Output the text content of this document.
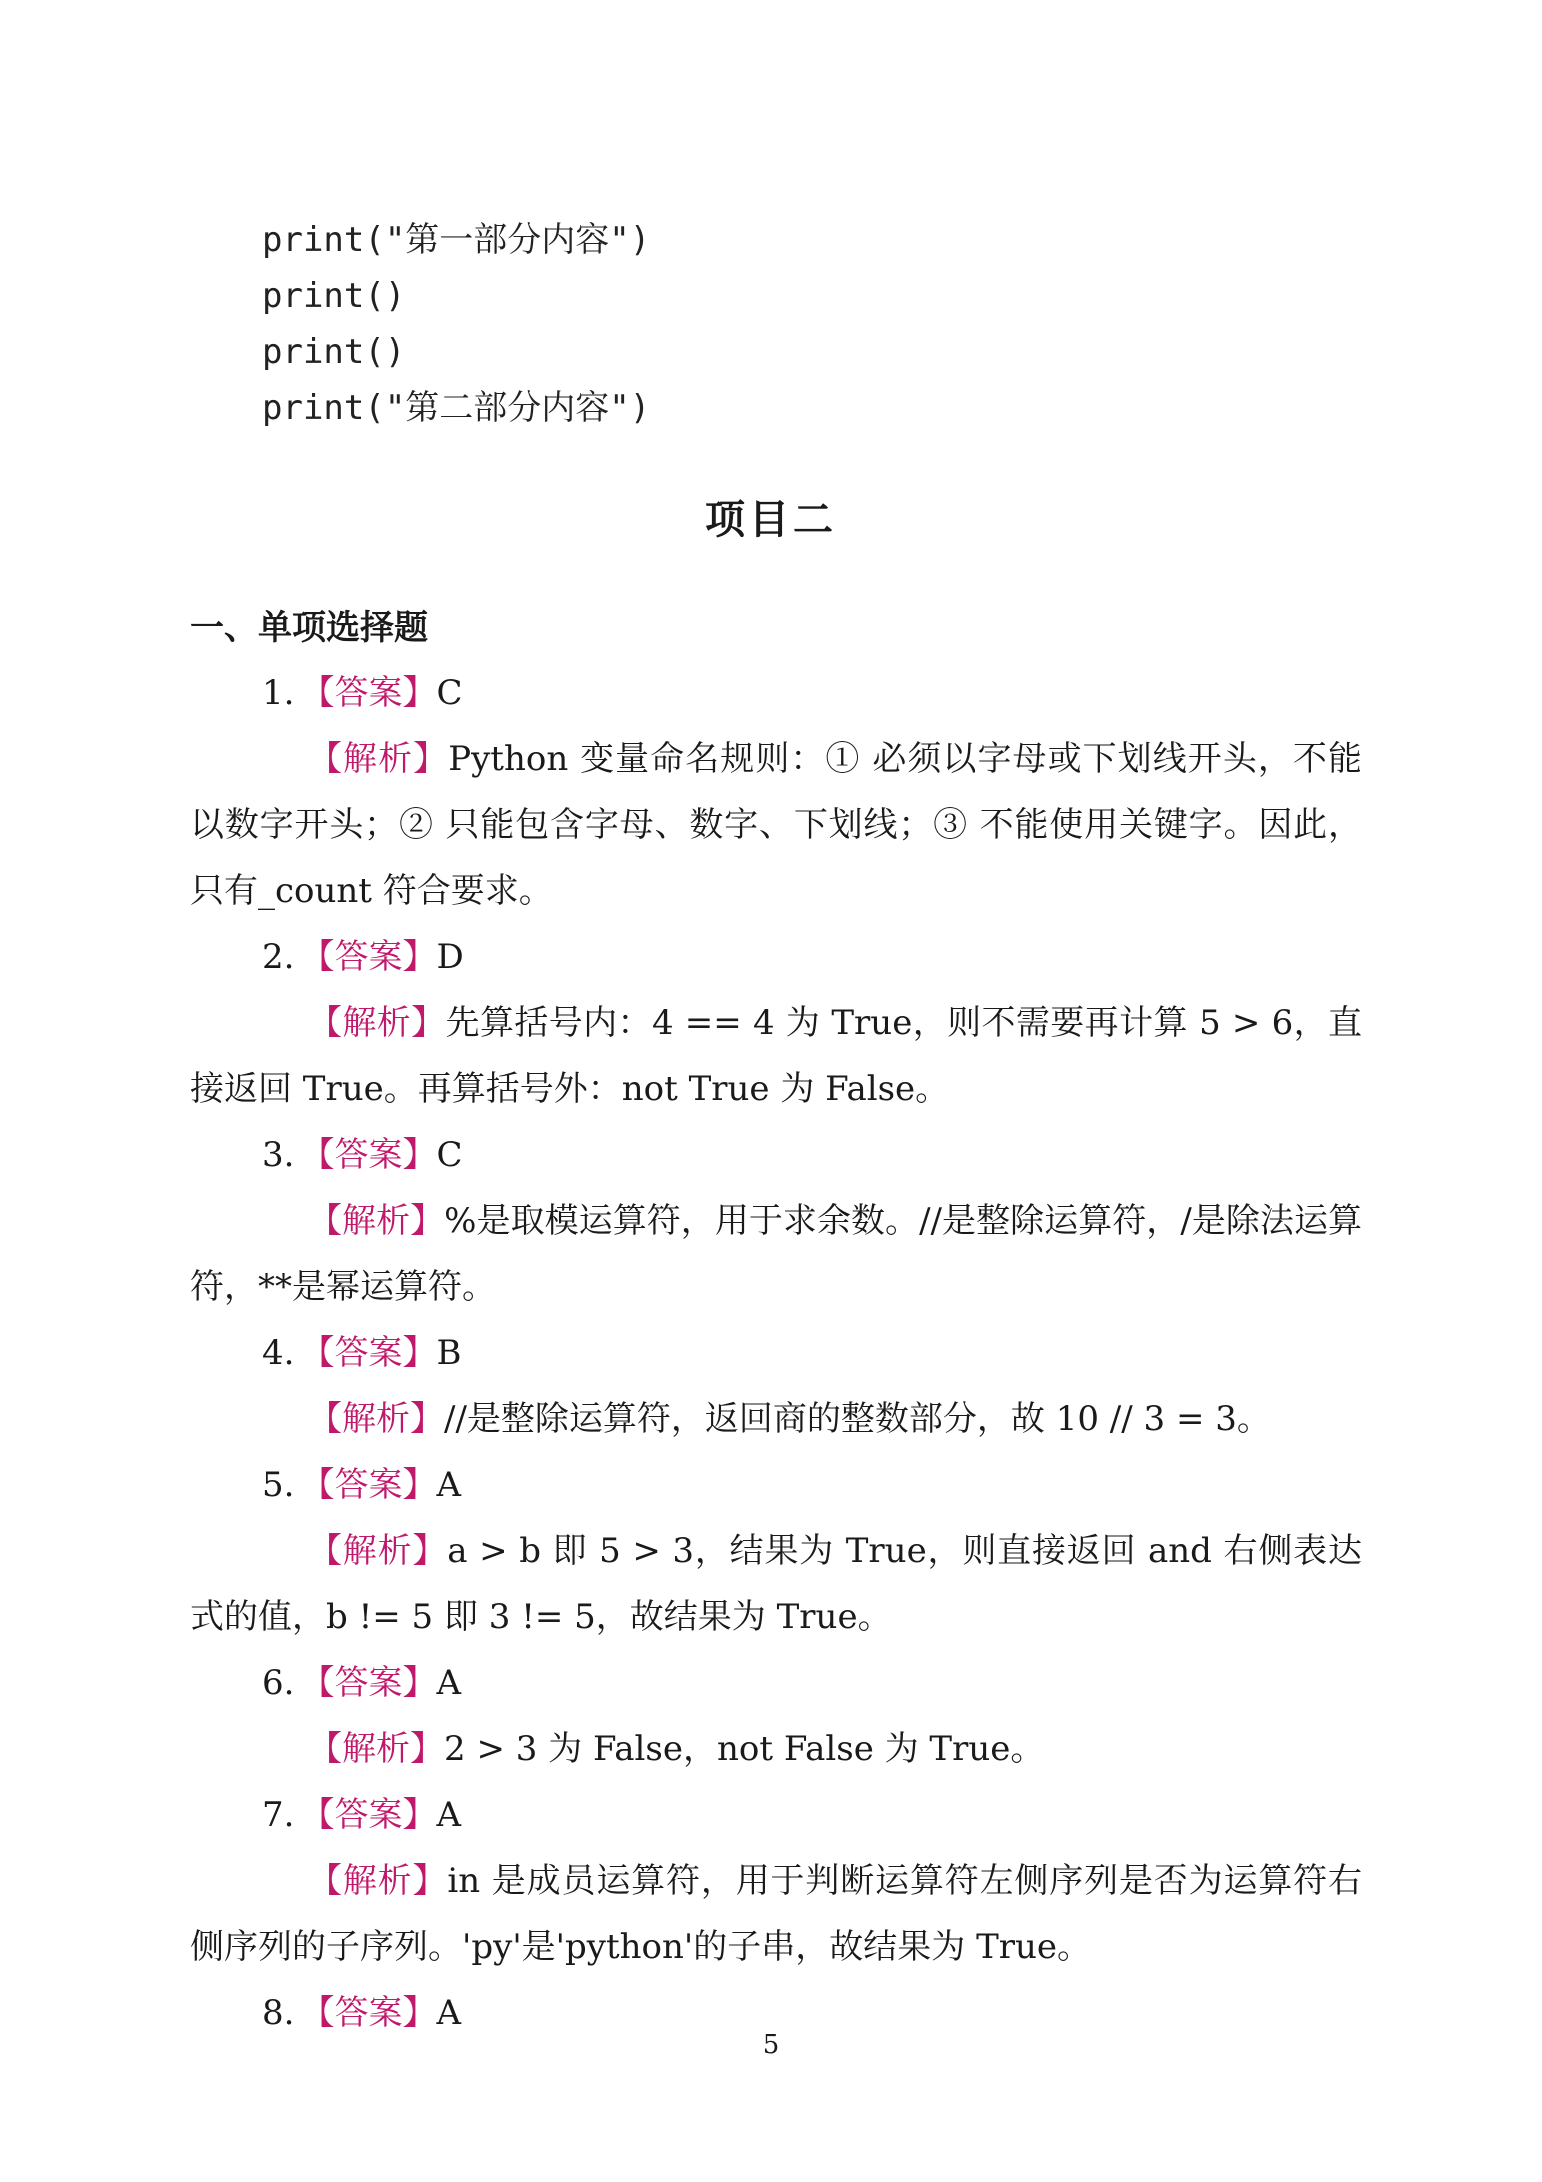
print("第一部分内容")
print()
print()
print("第二部分内容")
项目二
一、单项选择题
1. 【答案】C
【解析】Python 变量命名规则：① 必须以字母或下划线开头，不能以数字开头；② 只能包含字母、数字、下划线；③ 不能使用关键字。因此，只有_count 符合要求。
2. 【答案】D
【解析】先算括号内：4 == 4 为 True，则不需要再计算 5 > 6，直接返回 True。再算括号外：not True 为 False。
3. 【答案】C
【解析】%是取模运算符，用于求余数。//是整除运算符，/是除法运算符，**是幂运算符。
4. 【答案】B
【解析】//是整除运算符，返回商的整数部分，故 10 // 3 = 3。
5. 【答案】A
【解析】a > b 即 5 > 3，结果为 True，则直接返回 and 右侧表达式的值，b != 5 即 3 != 5，故结果为 True。
6. 【答案】A
【解析】2 > 3 为 False，not False 为 True。
7. 【答案】A
【解析】in 是成员运算符，用于判断运算符左侧序列是否为运算符右侧序列的子序列。'py'是'python'的子串，故结果为 True。
8. 【答案】A
5
